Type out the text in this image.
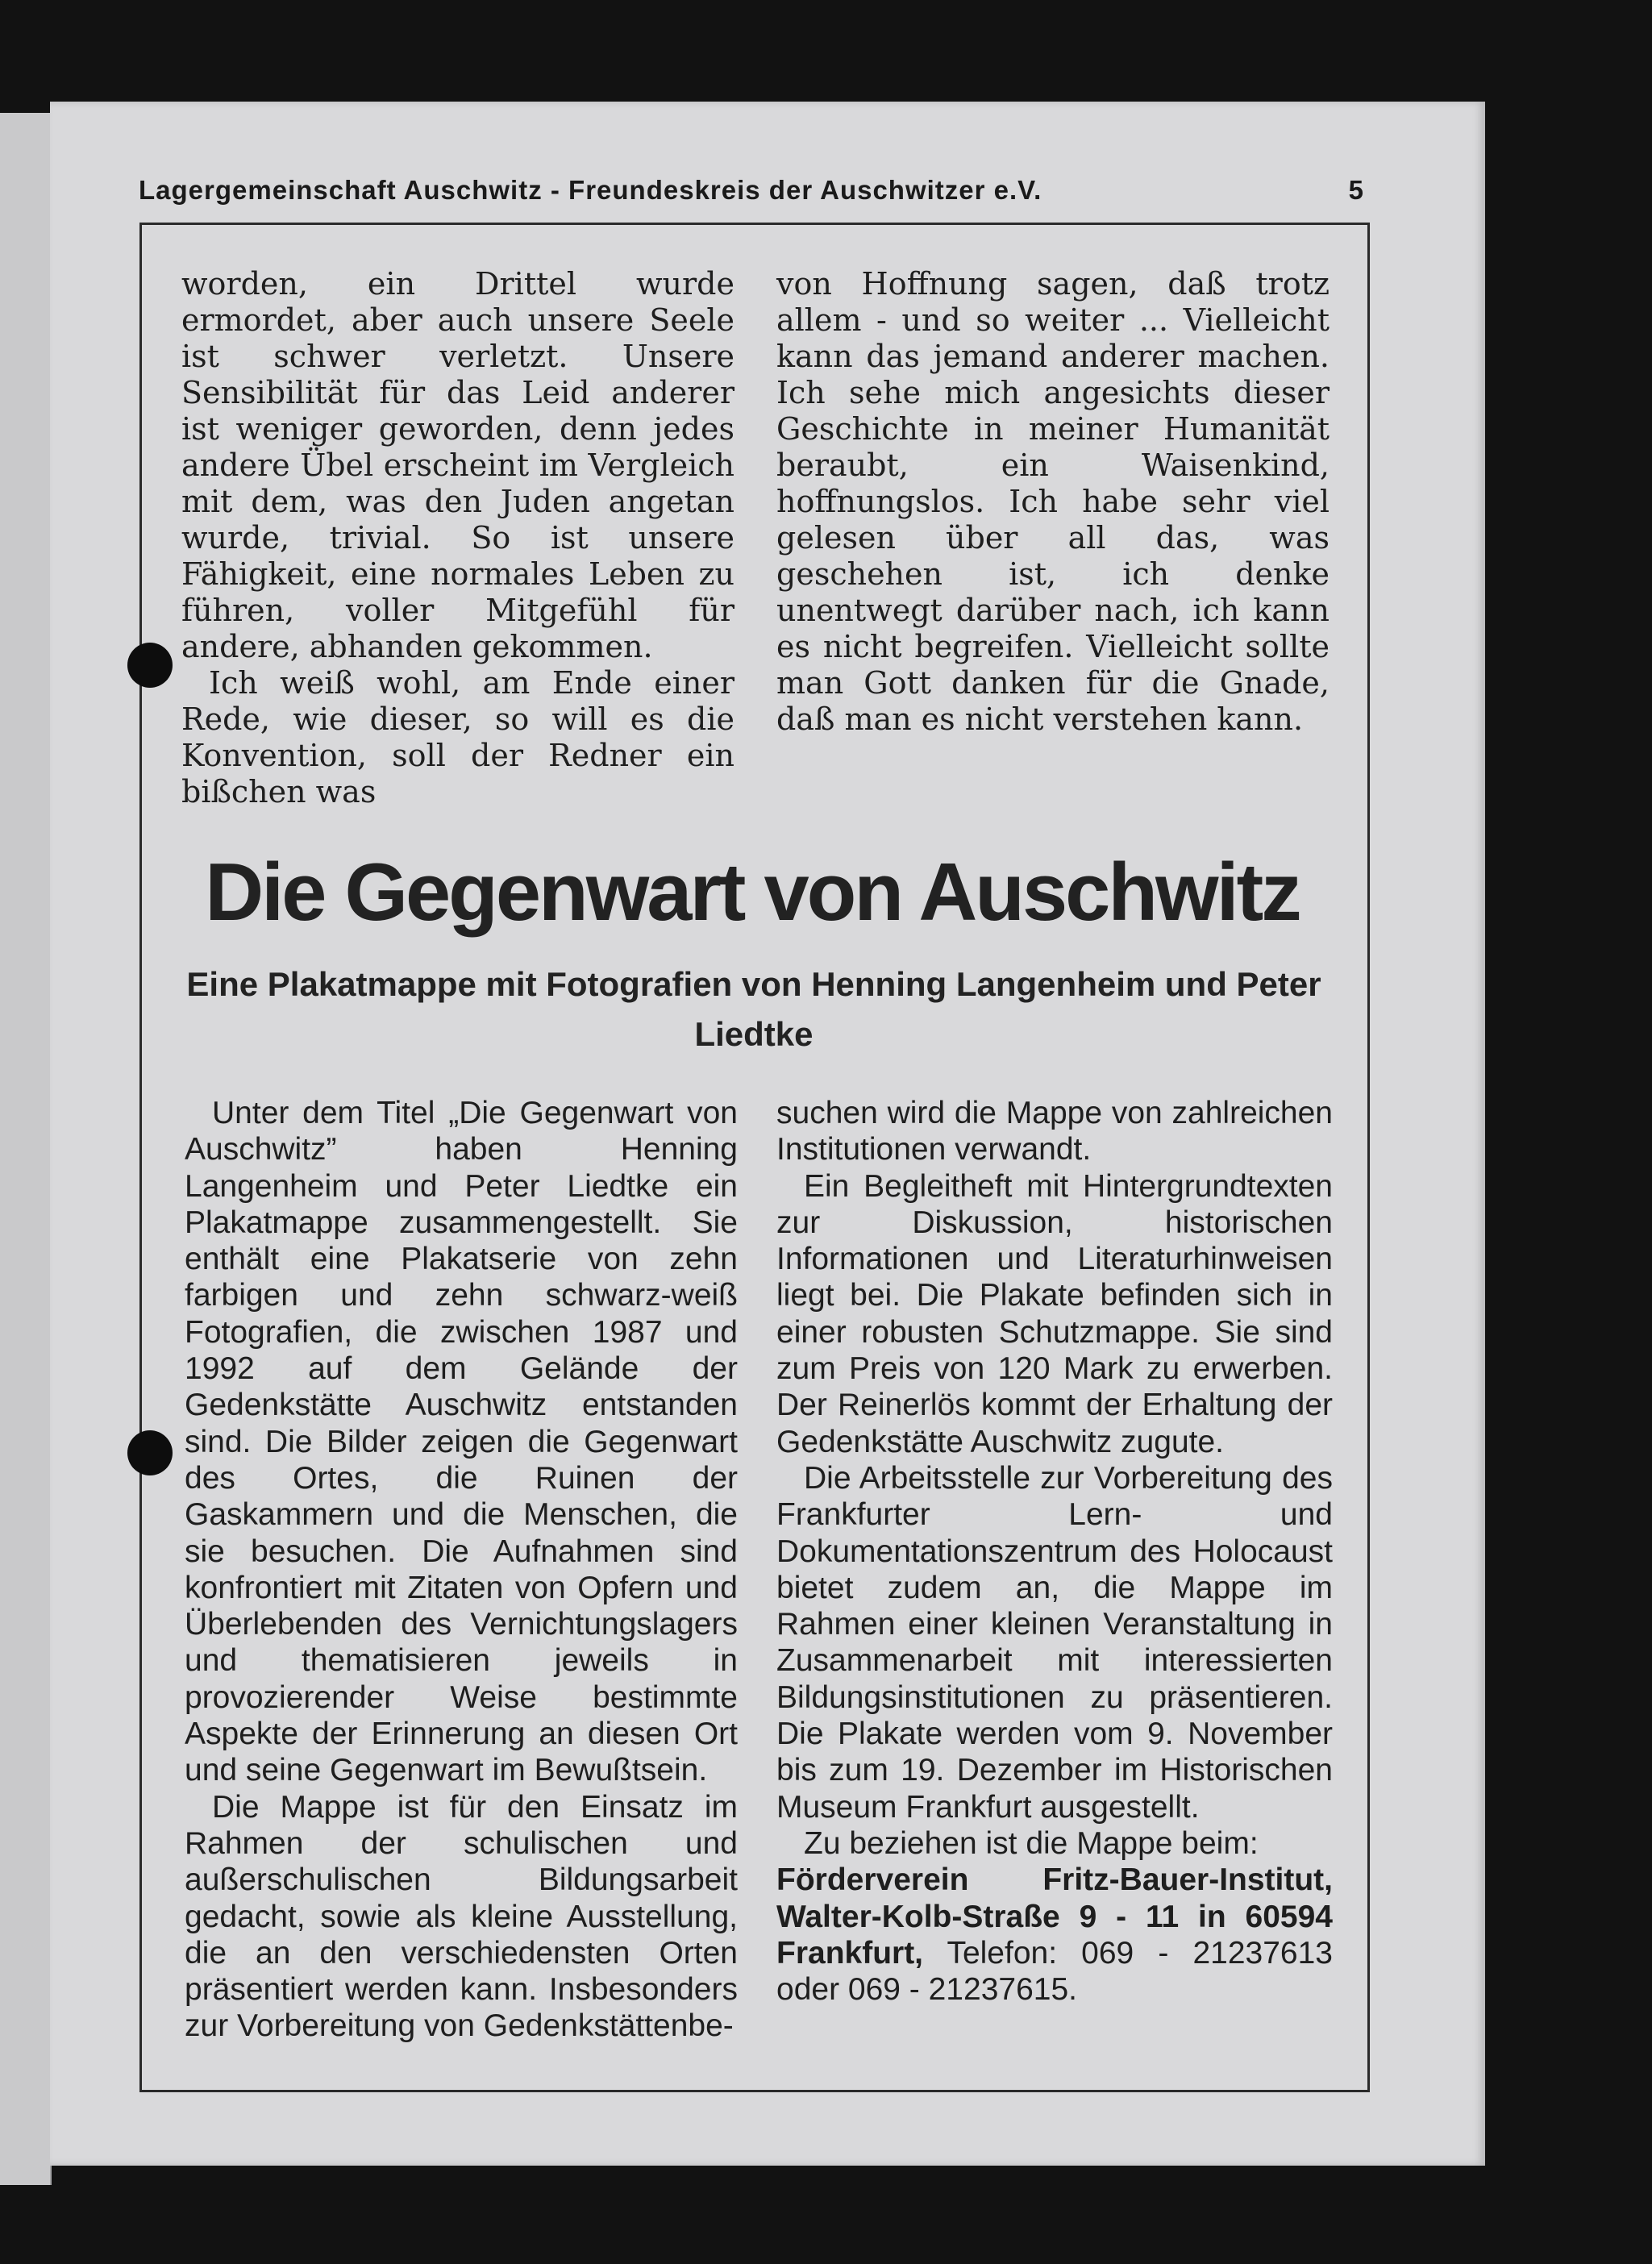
Lagergemeinschaft Auschwitz - Freundeskreis der Auschwitzer e.V.	5

worden, ein Drittel wurde ermordet, aber auch unsere Seele ist schwer verletzt. Unsere Sensibilität für das Leid anderer ist weniger geworden, denn jedes andere Übel erscheint im Vergleich mit dem, was den Juden angetan wurde, trivial. So ist unsere Fähigkeit, eine normales Leben zu führen, voller Mitgefühl für andere, abhanden gekommen.

Ich weiß wohl, am Ende einer Rede, wie dieser, so will es die Konvention, soll der Redner ein bißchen was

von Hoffnung sagen, daß trotz allem - und so weiter ... Vielleicht kann das jemand anderer machen. Ich sehe mich angesichts dieser Geschichte in meiner Humanität beraubt, ein Waisenkind, hoffnungslos. Ich habe sehr viel gelesen über all das, was geschehen ist, ich denke unentwegt darüber nach, ich kann es nicht begreifen. Vielleicht sollte man Gott danken für die Gnade, daß man es nicht verstehen kann.

Die Gegenwart von Auschwitz
Eine Plakatmappe mit Fotografien von Henning Langenheim und Peter Liedtke

Unter dem Titel „Die Gegenwart von Auschwitz” haben Henning Langenheim und Peter Liedtke ein Plakatmappe zusammengestellt. Sie enthält eine Plakatserie von zehn farbigen und zehn schwarz-weiß Fotografien, die zwischen 1987 und 1992 auf dem Gelände der Gedenkstätte Auschwitz entstanden sind. Die Bilder zeigen die Gegenwart des Ortes, die Ruinen der Gaskammern und die Menschen, die sie besuchen. Die Aufnahmen sind konfrontiert mit Zitaten von Opfern und Überlebenden des Vernichtungslagers und thematisieren jeweils in provozierender Weise bestimmte Aspekte der Erinnerung an diesen Ort und seine Gegenwart im Bewußtsein.

Die Mappe ist für den Einsatz im Rahmen der schulischen und außerschulischen Bildungsarbeit gedacht, sowie als kleine Ausstellung, die an den verschiedensten Orten präsentiert werden kann. Insbesonders zur Vorbereitung von Gedenkstättenbe-

suchen wird die Mappe von zahlreichen Institutionen verwandt.

Ein Begleitheft mit Hintergrundtexten zur Diskussion, historischen Informationen und Literaturhinweisen liegt bei. Die Plakate befinden sich in einer robusten Schutzmappe. Sie sind zum Preis von 120 Mark zu erwerben. Der Reinerlös kommt der Erhaltung der Gedenkstätte Auschwitz zugute.

Die Arbeitsstelle zur Vorbereitung des Frankfurter Lern- und Dokumentationszentrum des Holocaust bietet zudem an, die Mappe im Rahmen einer kleinen Veranstaltung in Zusammenarbeit mit interessierten Bildungsinstitutionen zu präsentieren. Die Plakate werden vom 9. November bis zum 19. Dezember im Historischen Museum Frankfurt ausgestellt.

Zu beziehen ist die Mappe beim:

Förderverein Fritz-Bauer-Institut, Walter-Kolb-Straße 9 - 11 in 60594 Frankfurt, Telefon: 069 - 21237613 oder 069 - 21237615.
